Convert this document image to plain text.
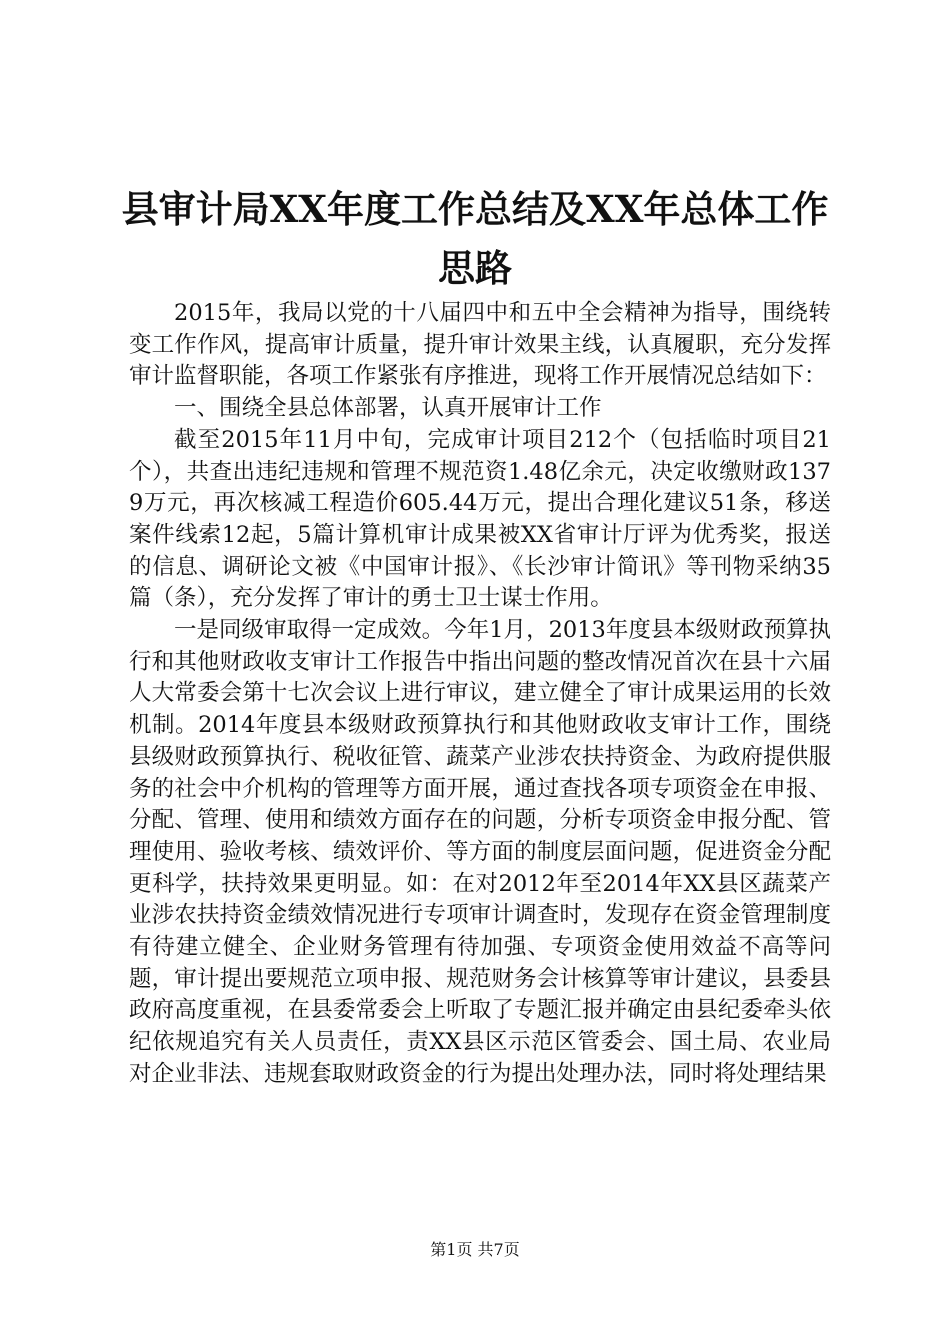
县审计局XX年度工作总结及XX年总体工作思路

2015年，我局以党的十八届四中和五中全会精神为指导，围绕转变工作作风，提高审计质量，提升审计效果主线，认真履职，充分发挥审计监督职能，各项工作紧张有序推进，现将工作开展情况总结如下：

一、围绕全县总体部署，认真开展审计工作

截至2015年11月中旬，完成审计项目212个（包括临时项目21个），共查出违纪违规和管理不规范资1.48亿余元，决定收缴财政1379万元，再次核减工程造价605.44万元，提出合理化建议51条，移送案件线索12起，5篇计算机审计成果被XX省审计厅评为优秀奖，报送的信息、调研论文被《中国审计报》、《长沙审计简讯》等刊物采纳35篇（条），充分发挥了审计的勇士卫士谋士作用。

一是同级审取得一定成效。今年1月，2013年度县本级财政预算执行和其他财政收支审计工作报告中指出问题的整改情况首次在县十六届人大常委会第十七次会议上进行审议，建立健全了审计成果运用的长效机制。2014年度县本级财政预算执行和其他财政收支审计工作，围绕县级财政预算执行、税收征管、蔬菜产业涉农扶持资金、为政府提供服务的社会中介机构的管理等方面开展，通过查找各项专项资金在申报、分配、管理、使用和绩效方面存在的问题，分析专项资金申报分配、管理使用、验收考核、绩效评价、等方面的制度层面问题，促进资金分配更科学，扶持效果更明显。如：在对2012年至2014年XX县区蔬菜产业涉农扶持资金绩效情况进行专项审计调查时，发现存在资金管理制度有待建立健全、企业财务管理有待加强、专项资金使用效益不高等问题，审计提出要规范立项申报、规范财务会计核算等审计建议，县委县政府高度重视，在县委常委会上听取了专题汇报并确定由县纪委牵头依纪依规追究有关人员责任，责XX县区示范区管委会、国土局、农业局对企业非法、违规套取财政资金的行为提出处理办法，同时将处理结果

第1页 共7页
